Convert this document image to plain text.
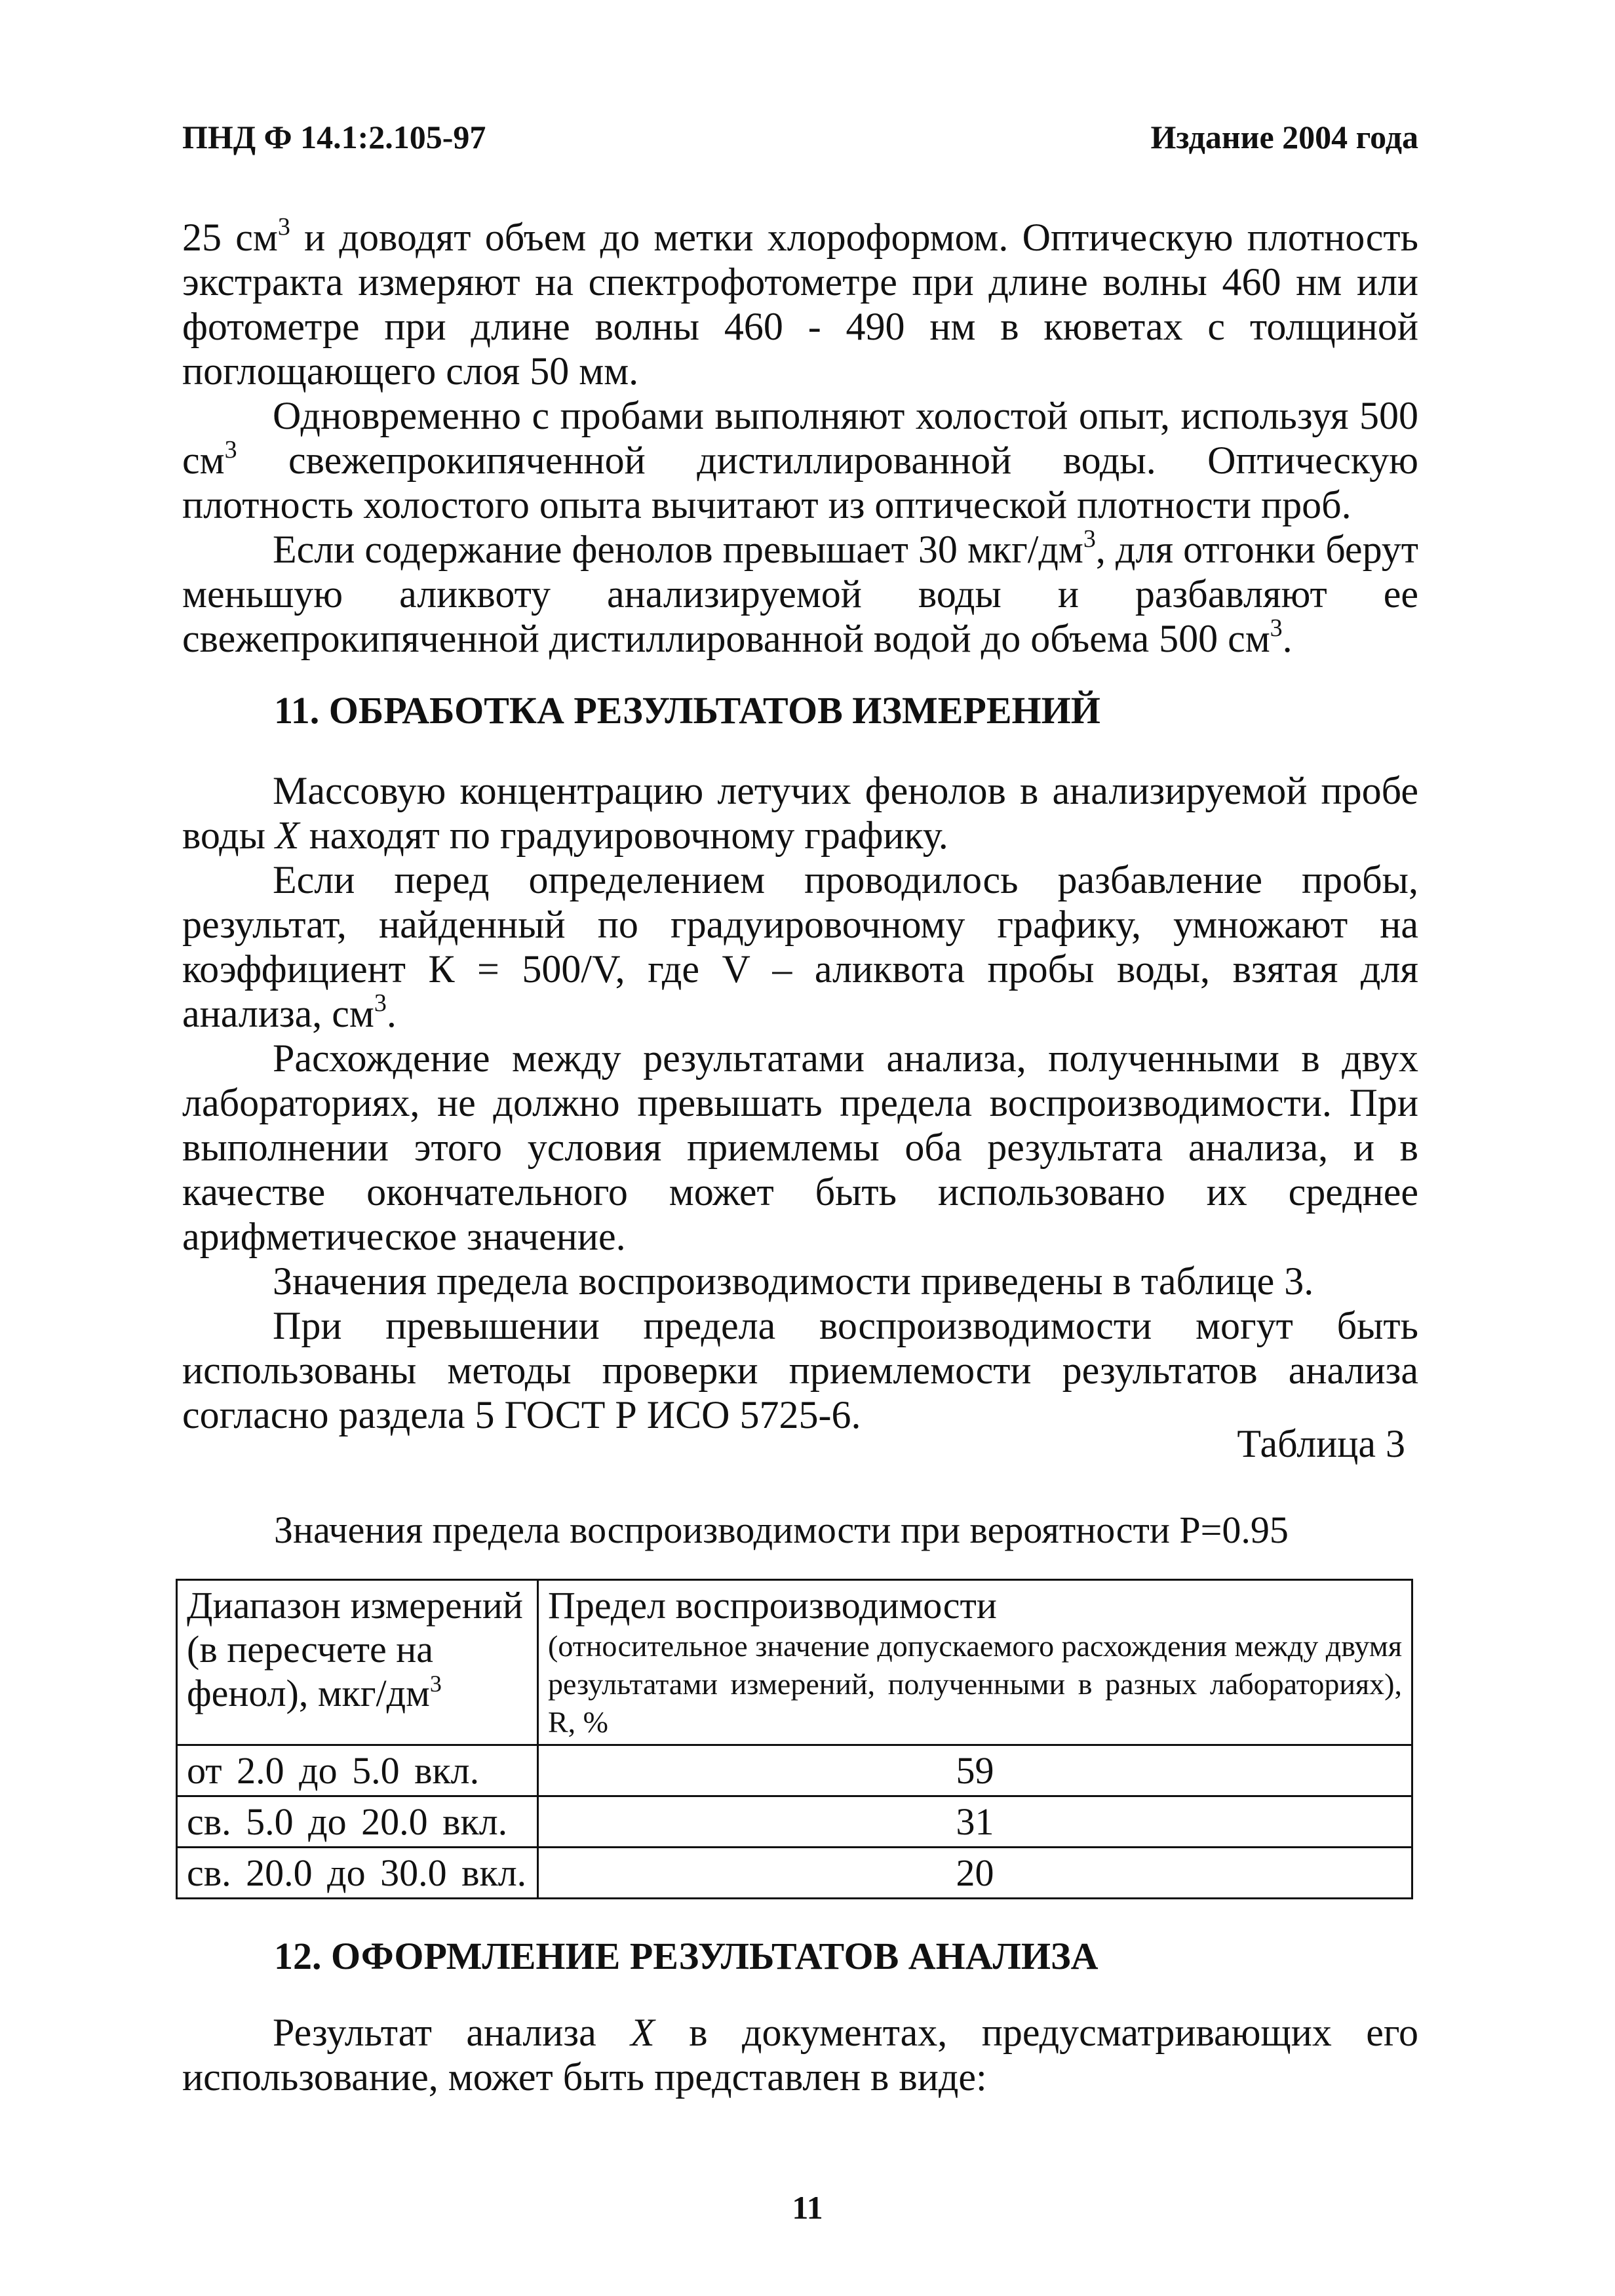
ПНД Ф 14.1:2.105-97	Издание 2004 года

25 $см^3$ и доводят объем до метки хлороформом. Оптическую плотность экстракта измеряют на спектрофотометре при длине волны 460 нм или фотометре при длине волны 460 - 490 нм в кюветах с толщиной поглощающего слоя 50 мм.

Одновременно с пробами выполняют холостой опыт, используя 500 $см^3$ свежепрокипяченной дистиллированной воды. Оптическую плотность холостого опыта вычитают из оптической плотности проб.

Если содержание фенолов превышает 30 мкг/$дм^3$, для отгонки берут меньшую аликвоту анализируемой воды и разбавляют ее свежепрокипяченной дистиллированной водой до объема 500 $см^3$.

11. ОБРАБОТКА РЕЗУЛЬТАТОВ ИЗМЕРЕНИЙ

Массовую концентрацию летучих фенолов в анализируемой пробе воды X находят по градуировочному графику.

Если перед определением проводилось разбавление пробы, результат, найденный по градуировочному графику, умножают на коэффициент К = 500/V, где V – аликвота пробы воды, взятая для анализа, $см^3$.

Расхождение между результатами анализа, полученными в двух лабораториях, не должно превышать предела воспроизводимости. При выполнении этого условия приемлемы оба результата анализа, и в качестве окончательного может быть использовано их среднее арифметическое значение.

Значения предела воспроизводимости приведены в таблице 3.

При превышении предела воспроизводимости могут быть использованы методы проверки приемлемости результатов анализа согласно раздела 5 ГОСТ Р ИСО 5725-6.

Таблица 3
Значения предела воспроизводимости при вероятности P=0.95
Диапазон измерений (в пересчете на фенол), мкг/$дм^3$	Предел воспроизводимости
(относительное значение допускаемого расхождения между двумя результатами измерений, полученными в разных лабораториях), R, %

от 2.0 до 5.0 вкл.	59
св. 5.0 до 20.0 вкл.	31
св. 20.0 до 30.0 вкл.	20
12. ОФОРМЛЕНИЕ РЕЗУЛЬТАТОВ АНАЛИЗА

Результат анализа X в документах, предусматривающих его использование, может быть представлен в виде:

11
